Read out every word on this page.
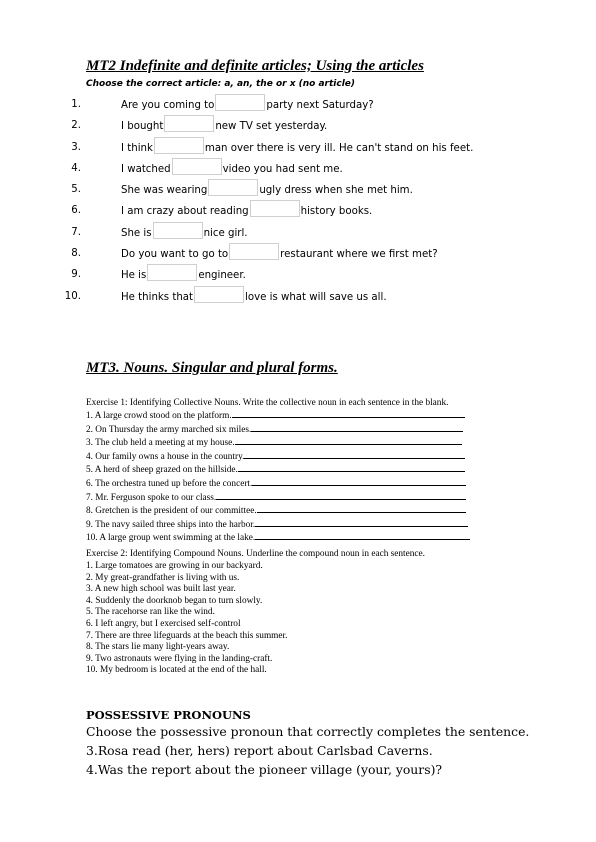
MT2 Indefinite and definite articles; Using the articles
Choose the correct article: a, an, the or x (no article)
1.	Are you coming to	party next Saturday?
2.	I bought	new TV set yesterday.
3.	I think	man over there is very ill. He can't stand on his feet.
4.	I watched	video you had sent me.
5.	She was wearing	ugly dress when she met him.
6.	I am crazy about reading	history books.
7.	She is	nice girl.
8.	Do you want to go to	restaurant where we first met?
9.	He is	engineer.
10.	He thinks that	love is what will save us all.
MT3. Nouns. Singular and plural forms.
Exercise 1: Identifying Collective Nouns. Write the collective noun in each sentence in the blank.
1. A large crowd stood on the platform.
2. On Thursday the army marched six miles.
3. The club held a meeting at my house.
4. Our family owns a house in the country.
5. A herd of sheep grazed on the hillside.
6. The orchestra tuned up before the concert.
7. Mr. Ferguson spoke to our class.
8. Gretchen is the president of our committee.
9. The navy sailed three ships into the harbor.
10. A large group went swimming at the lake.
Exercise 2: Identifying Compound Nouns. Underline the compound noun in each sentence.
1. Large tomatoes are growing in our backyard.
2. My great-grandfather is living with us.
3. A new high school was built last year.
4. Suddenly the doorknob began to turn slowly.
5. The racehorse ran like the wind.
6. I left angry, but I exercised self-control
7. There are three lifeguards at the beach this summer.
8. The stars lie many light-years away.
9. Two astronauts were flying in the landing-craft.
10. My bedroom is located at the end of the hall.
POSSESSIVE PRONOUNS
Choose the possessive pronoun that correctly completes the sentence.
3.Rosa read (her, hers) report about Carlsbad Caverns.
4.Was the report about the pioneer village (your, yours)?
